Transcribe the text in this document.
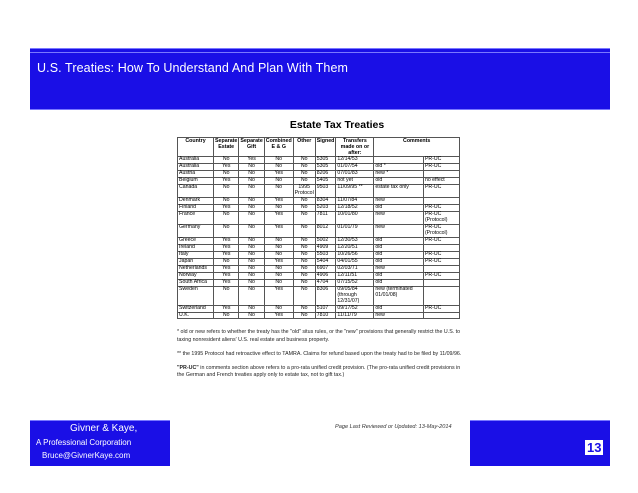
U.S. Treaties: How To Understand And Plan With Them
Estate Tax Treaties
Country	Separate Estate	Separate Gift	Combined E & G	Other	Signed	Transfers made on or after:	Comments	
Australia	No	Yes	No	No	5305	12/14/53		PR-UC
Australia	Yes	No	No	No	5305	01/07/54	old *	PR-UC
Austria	No	No	Yes	No	8206	07/01/83	new *	
Belgium	Yes	No	No	No	5405	not yet	old	no effect
Canada	No	No	No	1995 Protocol	9503	11/09/95 **	estate tax only	PR-UC
Denmark	No	No	Yes	No	8304	11/07/84	new	
Finland	Yes	No	No	No	5203	12/18/52	old	PR-UC
France	No	No	Yes	No	7811	10/01/80	new	PR-UC (Protocol)
Germany	No	No	Yes	No	8012	01/01/79	new	PR-UC (Protocol)
Greece	Yes	No	No	No	5002	12/30/53	old	PR-UC
Ireland	Yes	No	No	No	4909	12/20/51	old	
Italy	Yes	No	No	No	5503	10/26/56	old	PR-UC
Japan	No	No	Yes	No	5404	04/01/55	old	PR-UC
Netherlands	Yes	No	No	No	6907	02/03/71	new	
Norway	Yes	No	No	No	4906	12/11/51	old	PR-UC
South Africa	Yes	No	No	No	4704	07/15/52	old	
Sweden	No	No	Yes	No	8306	09/05/84 (through 12/31/07)	new (terminated 01/01/08)	
Switzerland	Yes	No	No	No	5107	09/17/52	old	PR-UC
U.K.	No	No	Yes	No	7810	11/11/79	new	

* old or new refers to whether the treaty has the "old" situs rules, or the "new" provisions that generally restrict the U.S. to taxing nonresident aliens' U.S. real estate and business property.

** the 1995 Protocol had retroactive effect to TAMRA. Claims for refund based upon the treaty had to be filed by 11/09/96.

"PR-UC" in comments section above refers to a pro-rata unified credit provision. (The pro-rata unified credit provisions in the German and French treaties apply only to estate tax, not to gift tax.)

Givner & Kaye,
A Professional Corporation
Bruce@GivnerKaye.com
Page Last Reviewed or Updated: 13-May-2014
13
